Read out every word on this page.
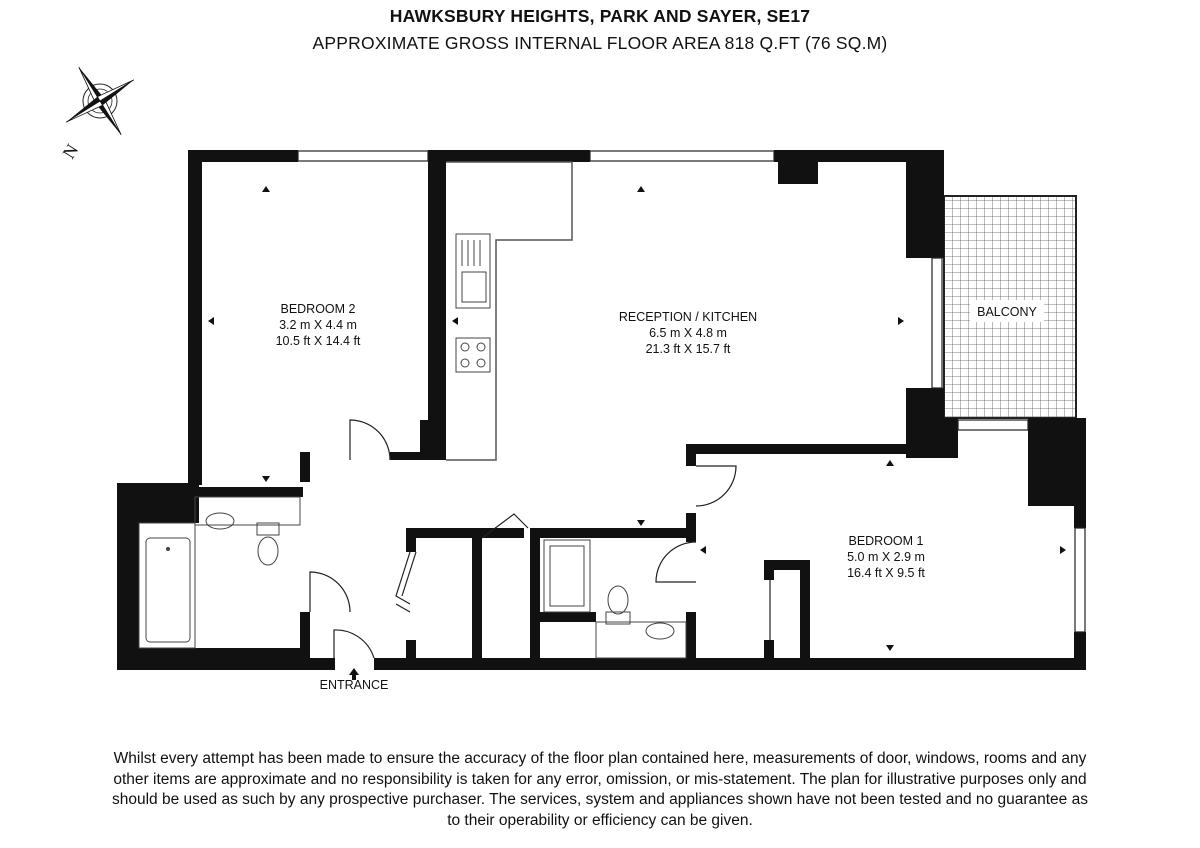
HAWKSBURY HEIGHTS, PARK AND SAYER, SE17
APPROXIMATE GROSS INTERNAL FLOOR AREA 818 Q.FT (76 SQ.M)
N
BALCONY
BEDROOM 2
3.2 m X 4.4 m
10.5 ft X 14.4 ft
RECEPTION / KITCHEN
6.5 m X 4.8 m
21.3 ft X 15.7 ft
BEDROOM 1
5.0 m X 2.9 m
16.4 ft X 9.5 ft
ENTRANCE
Whilst every attempt has been made to ensure the accuracy of the floor plan contained here, measurements of door, windows, rooms and any
other items are approximate and no responsibility is taken for any error, omission, or mis-statement. The plan for illustrative purposes only and
should be used as such by any prospective purchaser. The services, system and appliances shown have not been tested and no guarantee as
to their operability or efficiency can be given.
